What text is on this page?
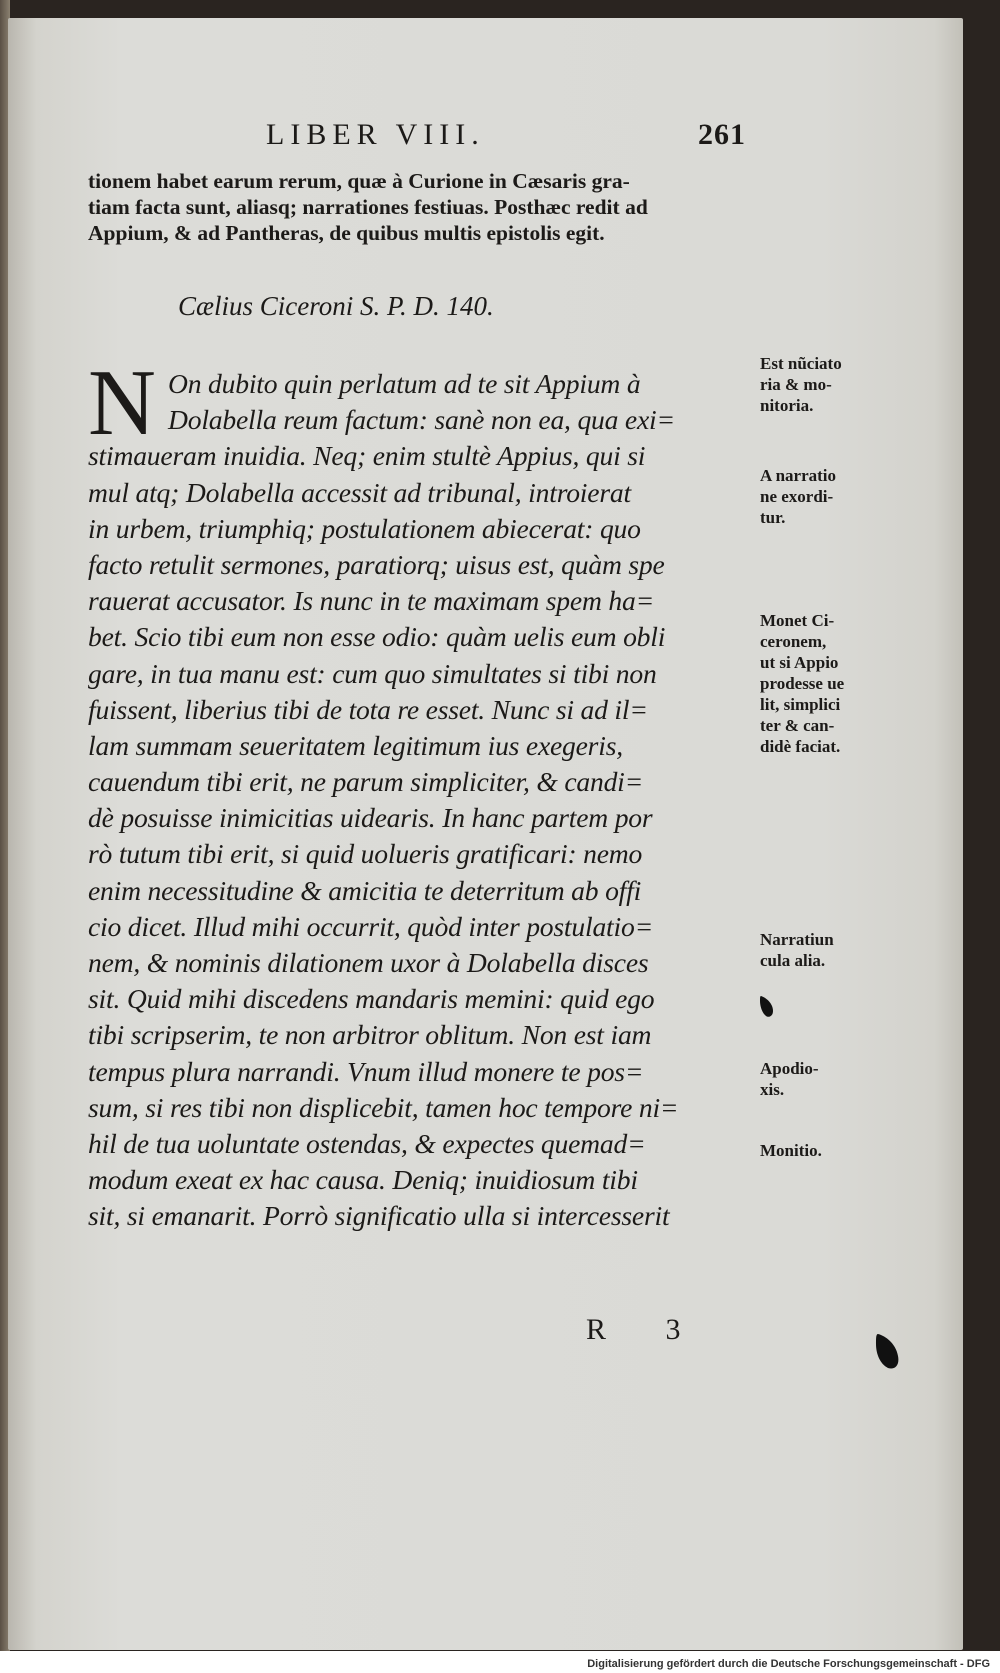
LIBER VIII.	261
tionem habet earum rerum, quæ à Curione in Cæsaris gra-
tiam facta sunt, aliasq; narrationes festiuas. Posthæc redit ad
Appium, & ad Pantheras, de quibus multis epistolis egit.
Cælius Ciceroni S. P. D. 140.
N On dubito quin perlatum ad te sit Appium à
Dolabella reum factum: sanè non ea, qua exi=
stimaueram inuidia. Neq; enim stultè Appius, qui si
mul atq; Dolabella accessit ad tribunal, introierat
in urbem, triumphiq; postulationem abiecerat: quo
facto retulit sermones, paratiorq; uisus est, quàm spe
rauerat accusator. Is nunc in te maximam spem ha=
bet. Scio tibi eum non esse odio: quàm uelis eum obli
gare, in tua manu est: cum quo simultates si tibi non
fuissent, liberius tibi de tota re esset. Nunc si ad il=
lam summam seueritatem legitimum ius exegeris,
cauendum tibi erit, ne parum simpliciter, & candi=
dè posuisse inimicitias uidearis. In hanc partem por
rò tutum tibi erit, si quid uolueris gratificari: nemo
enim necessitudine & amicitia te deterritum ab offi
cio dicet. Illud mihi occurrit, quòd inter postulatio=
nem, & nominis dilationem uxor à Dolabella disces
sit. Quid mihi discedens mandaris memini: quid ego
tibi scripserim, te non arbitror oblitum. Non est iam
tempus plura narrandi. Vnum illud monere te pos=
sum, si res tibi non displicebit, tamen hoc tempore ni=
hil de tua uoluntate ostendas, & expectes quemad=
modum exeat ex hac causa. Deniq; inuidiosum tibi
sit, si emanarit. Porrò significatio ulla si intercesserit
Est nũciato
ria & mo-
nitoria.
A narratio
ne exordi-
tur.
Monet Ci-
ceronem,
ut si Appio
prodesse ue
lit, simplici
ter & can-
didè faciat.
Narratiun
cula alia.
Apodio-
xis.
Monitio.
R 3
Digitalisierung gefördert durch die Deutsche Forschungsgemeinschaft - DFG
